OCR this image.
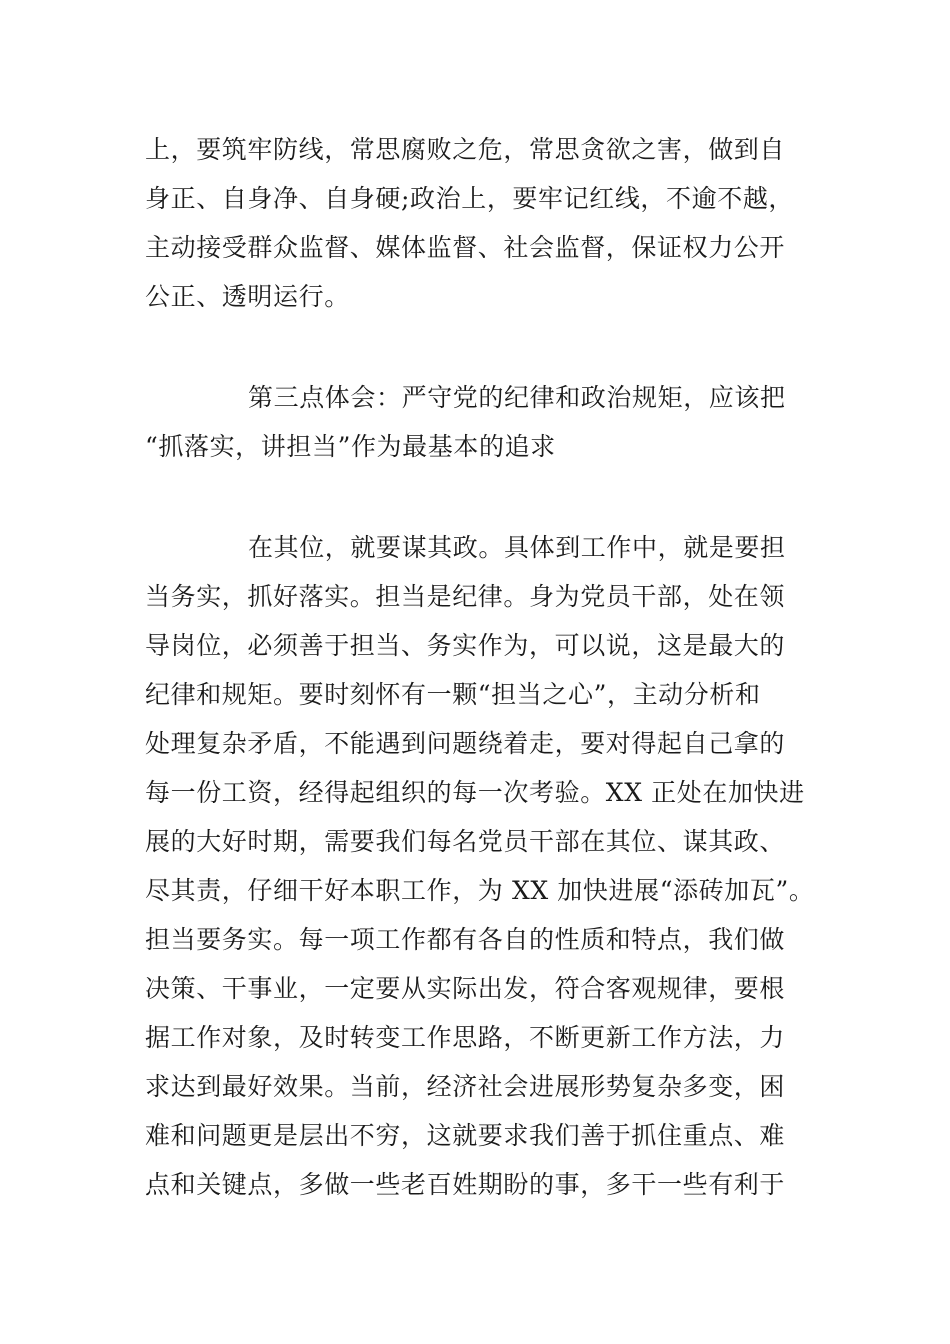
上，要筑牢防线，常思腐败之危，常思贪欲之害，做到自
身正、自身净、自身硬;政治上，要牢记红线，不逾不越，
主动接受群众监督、媒体监督、社会监督，保证权力公开
公正、透明运行。
第三点体会：严守党的纪律和政治规矩，应该把
“抓落实，讲担当”作为最基本的追求
在其位，就要谋其政。具体到工作中，就是要担
当务实，抓好落实。担当是纪律。身为党员干部，处在领
导岗位，必须善于担当、务实作为，可以说，这是最大的
纪律和规矩。要时刻怀有一颗“担当之心”，主动分析和
处理复杂矛盾，不能遇到问题绕着走，要对得起自己拿的
每一份工资，经得起组织的每一次考验。XX 正处在加快进
展的大好时期，需要我们每名党员干部在其位、谋其政、
尽其责，仔细干好本职工作，为 XX 加快进展“添砖加瓦”。
担当要务实。每一项工作都有各自的性质和特点，我们做
决策、干事业，一定要从实际出发，符合客观规律，要根
据工作对象，及时转变工作思路，不断更新工作方法，力
求达到最好效果。当前，经济社会进展形势复杂多变，困
难和问题更是层出不穷，这就要求我们善于抓住重点、难
点和关键点，多做一些老百姓期盼的事，多干一些有利于
